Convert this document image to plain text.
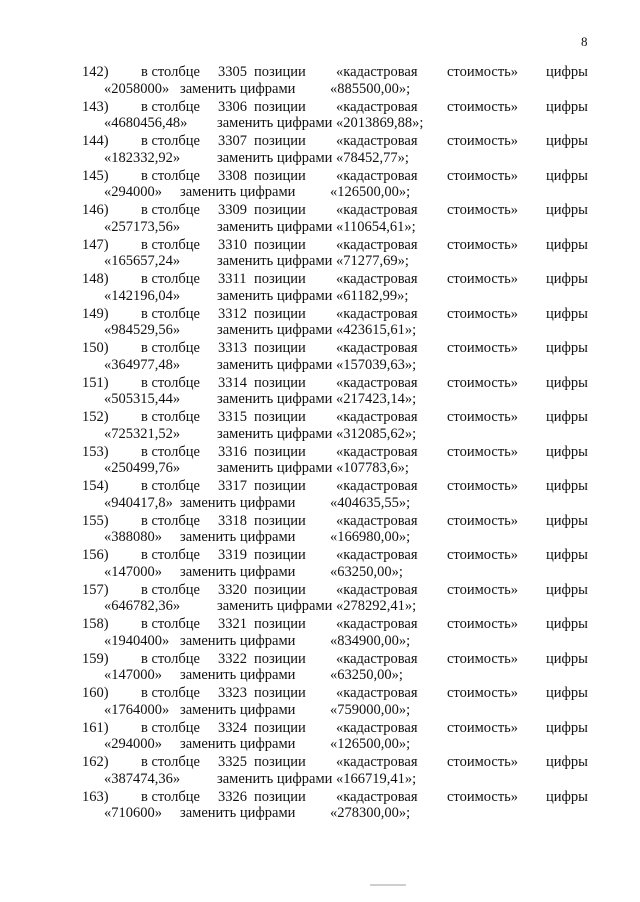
8
142) в столбце 3305 позиции «кадастровая стоимость» цифры
«2058000» заменить цифрами «885500,00»;
143) в столбце 3306 позиции «кадастровая стоимость» цифры
«4680456,48» заменить цифрами «2013869,88»;
144) в столбце 3307 позиции «кадастровая стоимость» цифры
«182332,92»	заменить цифрами «78452,77»;
145) в столбце 3308 позиции «кадастровая стоимость» цифры
«294000» заменить цифрами «126500,00»;
146) в столбце 3309 позиции «кадастровая стоимость» цифры
«257173,56»	заменить цифрами «110654,61»;
147) в столбце 3310 позиции «кадастровая стоимость» цифры
«165657,24»	заменить цифрами «71277,69»;
148) в столбце 3311 позиции «кадастровая стоимость» цифры
«142196,04»	заменить цифрами «61182,99»;
149) в столбце 3312 позиции «кадастровая стоимость» цифры
«984529,56»	заменить цифрами «423615,61»;
150) в столбце 3313 позиции «кадастровая стоимость» цифры
«364977,48»	заменить цифрами «157039,63»;
151) в столбце 3314 позиции «кадастровая стоимость» цифры
«505315,44»	заменить цифрами «217423,14»;
152) в столбце 3315 позиции «кадастровая стоимость» цифры
«725321,52»	заменить цифрами «312085,62»;
153) в столбце 3316 позиции «кадастровая стоимость» цифры
«250499,76»	заменить цифрами «107783,6»;
154) в столбце 3317 позиции «кадастровая стоимость» цифры
«940417,8» заменить цифрами «404635,55»;
155) в столбце 3318 позиции «кадастровая стоимость» цифры
«388080» заменить цифрами «166980,00»;
156) в столбце 3319 позиции «кадастровая стоимость» цифры
«147000» заменить цифрами «63250,00»;
157) в столбце 3320 позиции «кадастровая стоимость» цифры
«646782,36»	заменить цифрами «278292,41»;
158) в столбце 3321 позиции «кадастровая стоимость» цифры
«1940400» заменить цифрами «834900,00»;
159) в столбце 3322 позиции «кадастровая стоимость» цифры
«147000» заменить цифрами «63250,00»;
160) в столбце 3323 позиции «кадастровая стоимость» цифры
«1764000» заменить цифрами «759000,00»;
161) в столбце 3324 позиции «кадастровая стоимость» цифры
«294000» заменить цифрами «126500,00»;
162) в столбце 3325 позиции «кадастровая стоимость» цифры
«387474,36»	заменить цифрами «166719,41»;
163) в столбце 3326 позиции «кадастровая стоимость» цифры
«710600» заменить цифрами «278300,00»;
